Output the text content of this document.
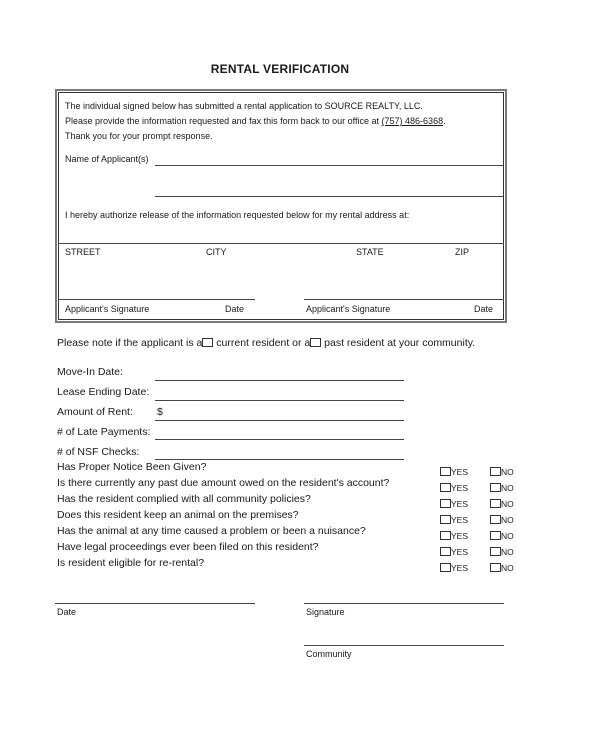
RENTAL VERIFICATION
The individual signed below has submitted a rental application to SOURCE REALTY, LLC.
Please provide the information requested and fax this form back to our office at (757) 486-6368.
Thank you for your prompt response.
Name of Applicant(s)
I hereby authorize release of the information requested below for my rental address at:
STREET	CITY	STATE	ZIP
Applicant's Signature	Date	Applicant's Signature	Date
Please note if the applicant is a current resident or a past resident at your community.
Move-In Date:
Lease Ending Date:
Amount of Rent: $
# of Late Payments:
# of NSF Checks:
Has Proper Notice Been Given?	YES	NO
Is there currently any past due amount owed on the resident's account?	YES	NO
Has the resident complied with all community policies?	YES	NO
Does this resident keep an animal on the premises?	YES	NO
Has the animal at any time caused a problem or been a nuisance?	YES	NO
Have legal proceedings ever been filed on this resident?	YES	NO
Is resident eligible for re-rental?	YES	NO
Date	Signature
Community
